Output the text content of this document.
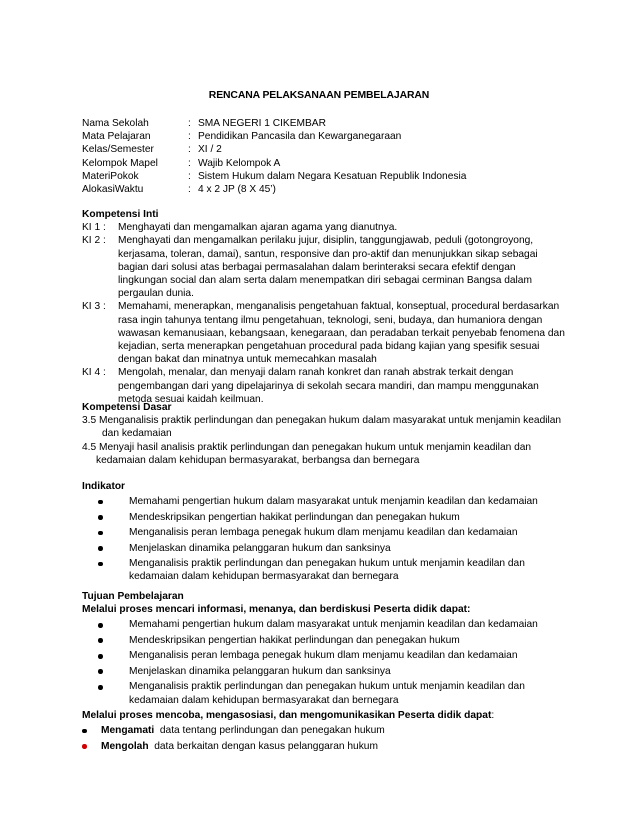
RENCANA PELAKSANAAN PEMBELAJARAN
Nama Sekolah	: SMA NEGERI 1 CIKEMBAR
Mata Pelajaran	: Pendidikan Pancasila dan Kewarganegaraan
Kelas/Semester	: XI / 2
Kelompok Mapel	: Wajib Kelompok A
MateriPokok	: Sistem Hukum dalam Negara Kesatuan Republik Indonesia
AlokasiWaktu	: 4 x 2 JP (8 X 45’)
Kompetensi Inti
KI 1 :	Menghayati dan mengamalkan ajaran agama yang dianutnya.
KI 2 :	Menghayati dan mengamalkan perilaku jujur, disiplin, tanggungjawab, peduli (gotongroyong, kerjasama, toleran, damai), santun, responsive dan pro-aktif dan menunjukkan sikap sebagai bagian dari solusi atas berbagai permasalahan dalam berinteraksi secara efektif dengan lingkungan social dan alam serta dalam menempatkan diri sebagai cerminan Bangsa dalam pergaulan dunia.
KI 3 :	Memahami, menerapkan, menganalisis pengetahuan faktual, konseptual, procedural berdasarkan rasa ingin tahunya tentang ilmu pengetahuan, teknologi, seni, budaya, dan humaniora dengan wawasan kemanusiaan, kebangsaan, kenegaraan, dan peradaban terkait penyebab fenomena dan kejadian, serta menerapkan pengetahuan procedural pada bidang kajian yang spesifik sesuai dengan bakat dan minatnya untuk memecahkan masalah
KI 4 :	Mengolah, menalar, dan menyaji dalam ranah konkret dan ranah abstrak terkait dengan pengembangan dari yang dipelajarinya di sekolah secara mandiri, dan mampu menggunakan metoda sesuai kaidah keilmuan.
Kompetensi Dasar
3.5 Menganalisis praktik perlindungan dan penegakan hukum dalam masyarakat untuk menjamin keadilan dan kedamaian
4.5 Menyaji hasil analisis praktik perlindungan dan penegakan hukum untuk menjamin keadilan dan kedamaian dalam kehidupan bermasyarakat, berbangsa dan bernegara
Indikator
Memahami pengertian hukum dalam masyarakat untuk menjamin keadilan dan kedamaian
Mendeskripsikan pengertian hakikat perlindungan dan penegakan hukum
Menganalisis peran lembaga penegak hukum dlam menjamu keadilan dan kedamaian
Menjelaskan dinamika pelanggaran hukum dan sanksinya
Menganalisis praktik perlindungan dan penegakan hukum untuk menjamin keadilan dan kedamaian dalam kehidupan bermasyarakat dan bernegara
Tujuan Pembelajaran
Melalui proses mencari informasi, menanya, dan berdiskusi Peserta didik dapat:
Memahami pengertian hukum dalam masyarakat untuk menjamin keadilan dan kedamaian
Mendeskripsikan pengertian hakikat perlindungan dan penegakan hukum
Menganalisis peran lembaga penegak hukum dlam menjamu keadilan dan kedamaian
Menjelaskan dinamika pelanggaran hukum dan sanksinya
Menganalisis praktik perlindungan dan penegakan hukum untuk menjamin keadilan dan kedamaian dalam kehidupan bermasyarakat dan bernegara
Melalui proses mencoba, mengasosiasi, dan mengomunikasikan Peserta didik dapat:
Mengamati data tentang perlindungan dan penegakan hukum
Mengolah data berkaitan dengan kasus pelanggaran hukum
